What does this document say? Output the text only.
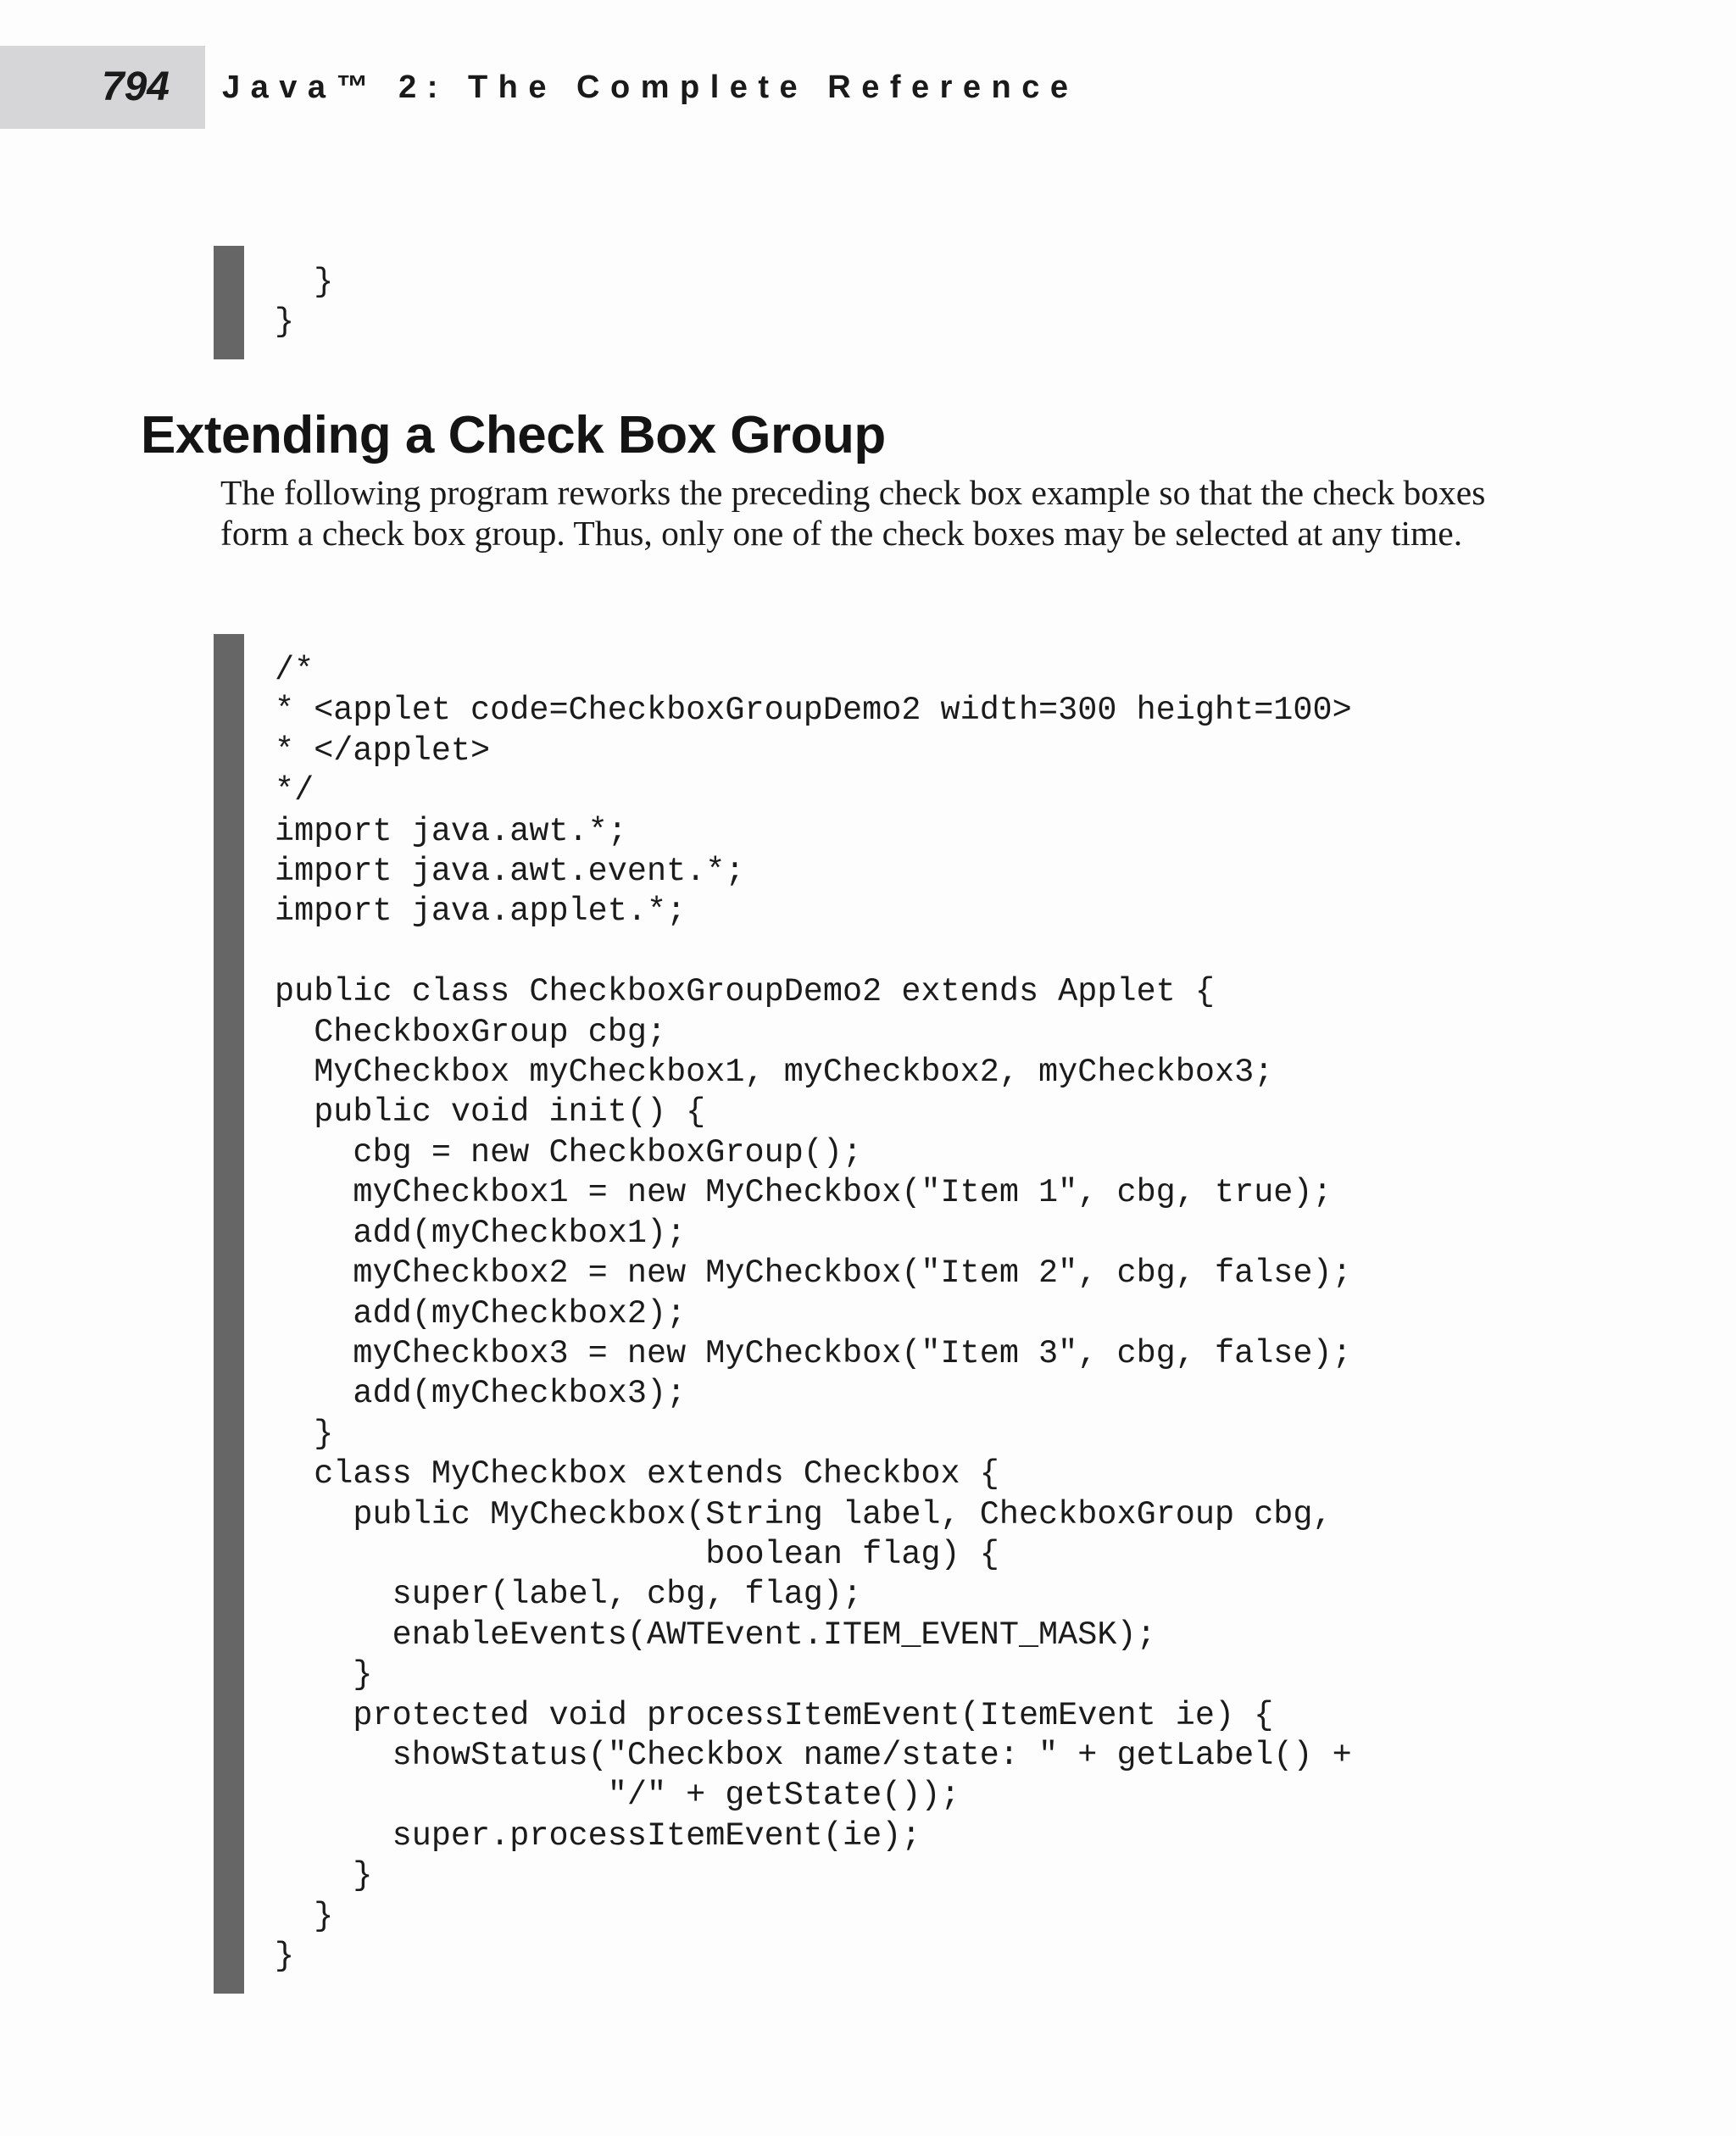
794 Java™ 2: The Complete Reference
}
}
Extending a Check Box Group

The following program reworks the preceding check box example so that the check boxes form a check box group. Thus, only one of the check boxes may be selected at any time.

/*
* <applet code=CheckboxGroupDemo2 width=300 height=100>
* </applet>
*/
import java.awt.*;
import java.awt.event.*;
import java.applet.*;

public class CheckboxGroupDemo2 extends Applet {
CheckboxGroup cbg;
MyCheckbox myCheckbox1, myCheckbox2, myCheckbox3;
public void init() {
cbg = new CheckboxGroup();
myCheckbox1 = new MyCheckbox("Item 1", cbg, true);
add(myCheckbox1);
myCheckbox2 = new MyCheckbox("Item 2", cbg, false);
add(myCheckbox2);
myCheckbox3 = new MyCheckbox("Item 3", cbg, false);
add(myCheckbox3);
}
class MyCheckbox extends Checkbox {
public MyCheckbox(String label, CheckboxGroup cbg,
boolean flag) {
super(label, cbg, flag);
enableEvents(AWTEvent.ITEM_EVENT_MASK);
}
protected void processItemEvent(ItemEvent ie) {
showStatus("Checkbox name/state: " + getLabel() +
"/" + getState());
super.processItemEvent(ie);
}
}
}
